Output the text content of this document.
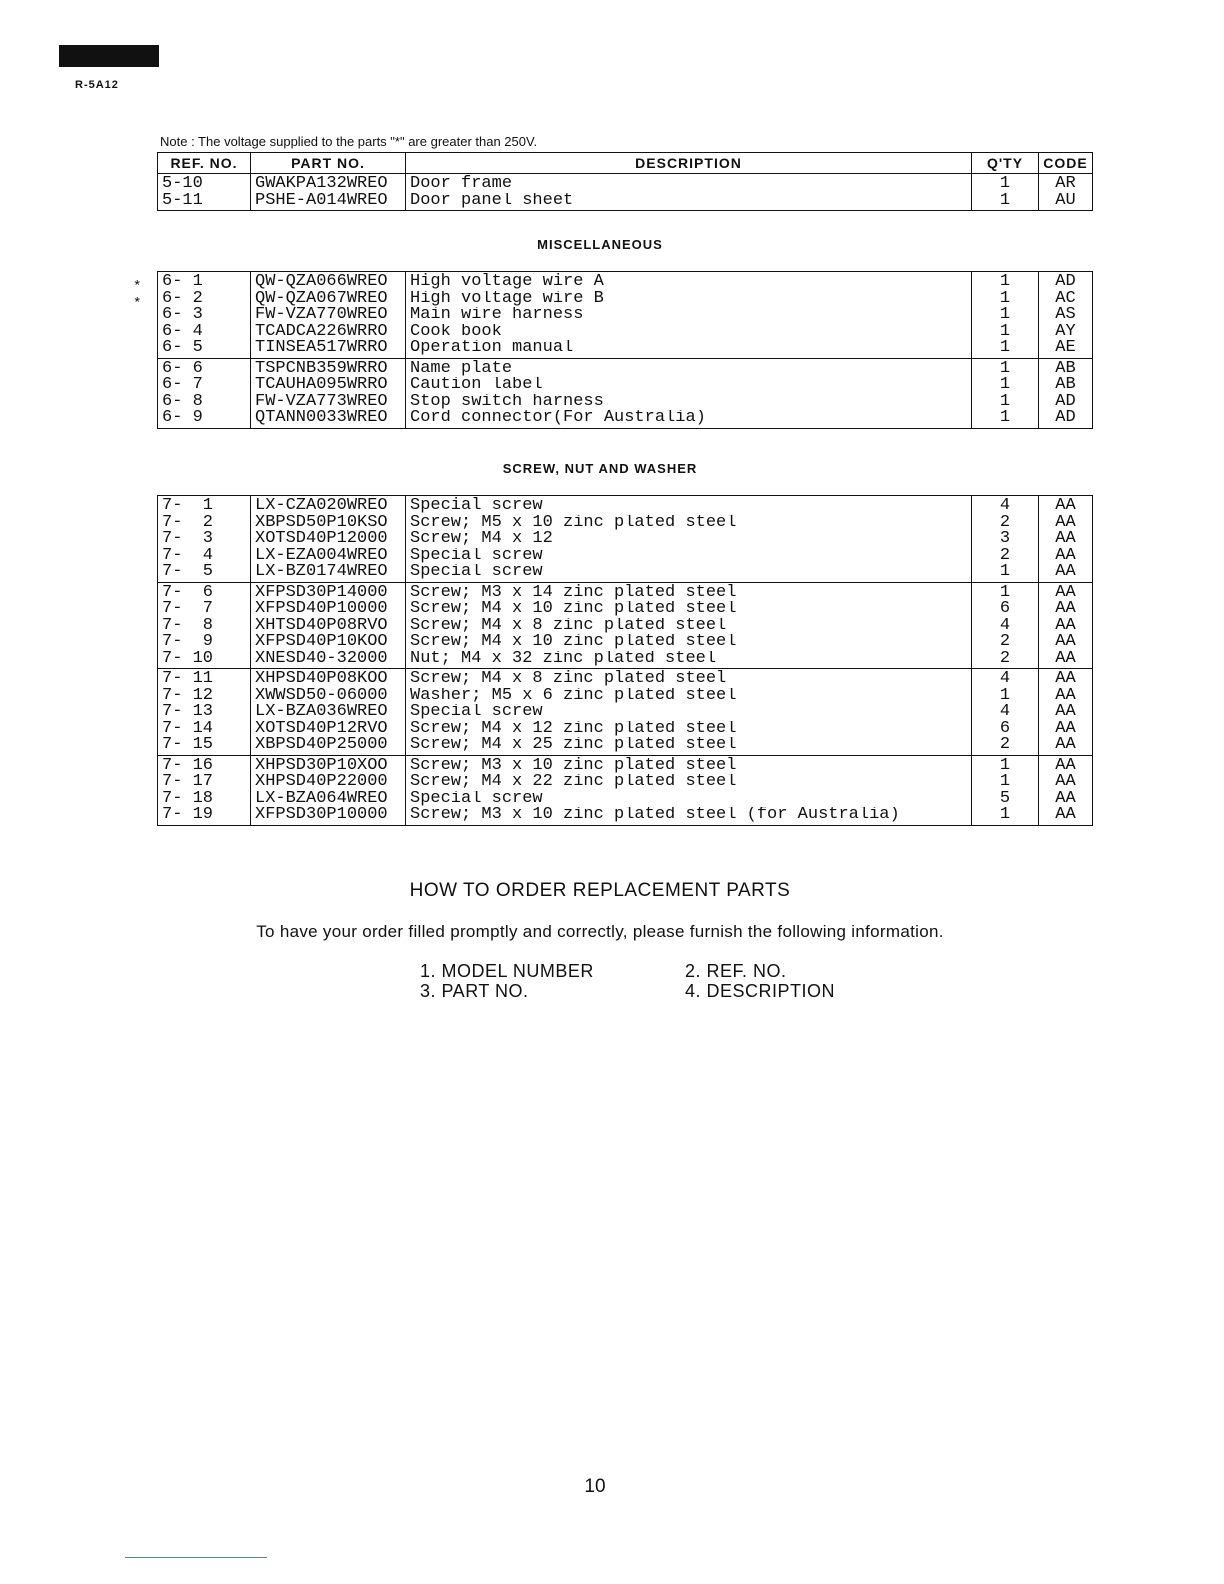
R-5A12
Note : The voltage supplied to the parts "*" are greater than 250V.
REF. NO.	PART NO.	DESCRIPTION	Q'TY	CODE
5-10	GWAKPA132WREO	Door frame	1	AR
5-11	PSHE-A014WREO	Door panel sheet	1	AU
MISCELLANEOUS
*
*
6- 1	QW-QZA066WREO	High voltage wire A	1	AD
6- 2	QW-QZA067WREO	High voltage wire B	1	AC
6- 3	FW-VZA770WREO	Main wire harness	1	AS
6- 4	TCADCA226WRRO	Cook book	1	AY
6- 5	TINSEA517WRRO	Operation manual	1	AE
6- 6	TSPCNB359WRRO	Name plate	1	AB
6- 7	TCAUHA095WRRO	Caution label	1	AB
6- 8	FW-VZA773WREO	Stop switch harness	1	AD
6- 9	QTANN0033WREO	Cord connector(For Australia)	1	AD
SCREW, NUT AND WASHER
7-  1	LX-CZA020WREO	Special screw	4	AA
7-  2	XBPSD50P10KSO	Screw; M5 x 10 zinc plated steel	2	AA
7-  3	XOTSD40P12000	Screw; M4 x 12	3	AA
7-  4	LX-EZA004WREO	Special screw	2	AA
7-  5	LX-BZ0174WREO	Special screw	1	AA
7-  6	XFPSD30P14000	Screw; M3 x 14 zinc plated steel	1	AA
7-  7	XFPSD40P10000	Screw; M4 x 10 zinc plated steel	6	AA
7-  8	XHTSD40P08RVO	Screw; M4 x 8 zinc plated steel	4	AA
7-  9	XFPSD40P10KOO	Screw; M4 x 10 zinc plated steel	2	AA
7- 10	XNESD40-32000	Nut; M4 x 32 zinc plated steel	2	AA
7- 11	XHPSD40P08KOO	Screw; M4 x 8 zinc plated steel	4	AA
7- 12	XWWSD50-06000	Washer; M5 x 6 zinc plated steel	1	AA
7- 13	LX-BZA036WREO	Special screw	4	AA
7- 14	XOTSD40P12RVO	Screw; M4 x 12 zinc plated steel	6	AA
7- 15	XBPSD40P25000	Screw; M4 x 25 zinc plated steel	2	AA
7- 16	XHPSD30P10XOO	Screw; M3 x 10 zinc plated steel	1	AA
7- 17	XHPSD40P22000	Screw; M4 x 22 zinc plated steel	1	AA
7- 18	LX-BZA064WREO	Special screw	5	AA
7- 19	XFPSD30P10000	Screw; M3 x 10 zinc plated steel (for Australia)	1	AA
HOW TO ORDER REPLACEMENT PARTS
To have your order filled promptly and correctly, please furnish the following information.
1. MODEL NUMBER	2. REF. NO.
3. PART NO.	4. DESCRIPTION
10
